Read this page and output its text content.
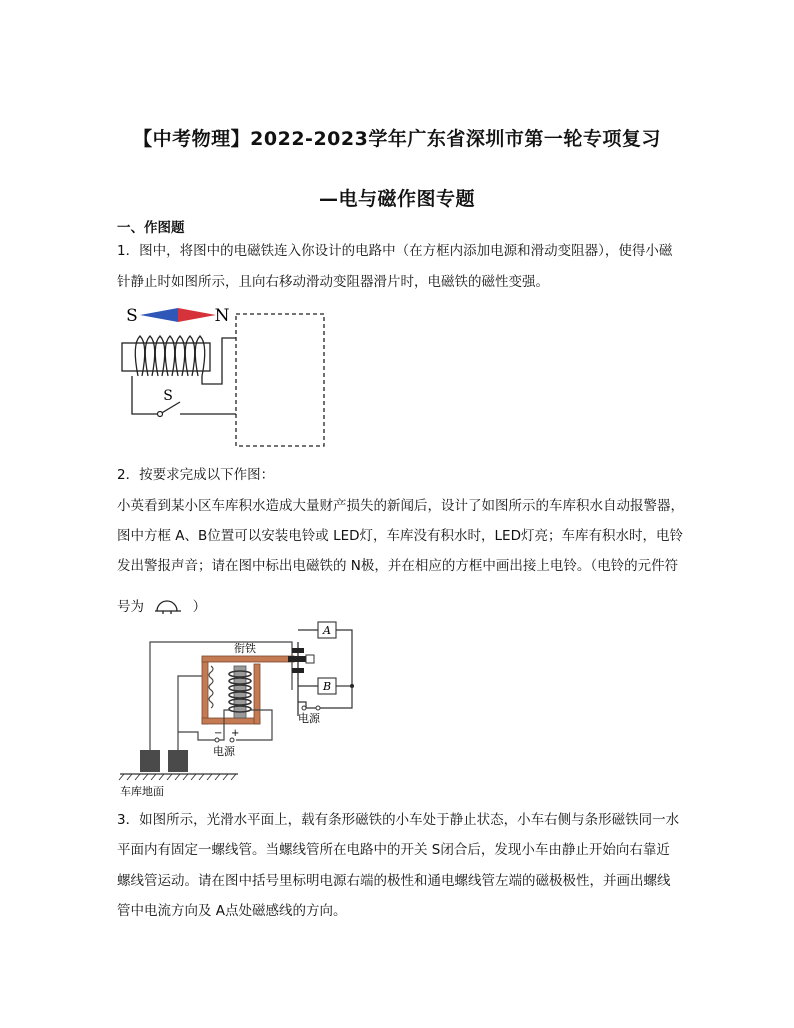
【中考物理】2022-2023学年广东省深圳市第一轮专项复习
—电与磁作图专题
一、作图题
1．图中，将图中的电磁铁连入你设计的电路中（在方框内添加电源和滑动变阻器），使得小磁
针静止时如图所示，且向右移动滑动变阻器滑片时，电磁铁的磁性变强。
S	N
S
2．按要求完成以下作图：
小英看到某小区车库积水造成大量财产损失的新闻后，设计了如图所示的车库积水自动报警器，
图中方框 A、B位置可以安装电铃或 LED灯，车库没有积水时，LED灯亮；车库有积水时，电铃
发出警报声音；请在图中标出电磁铁的 N极，并在相应的方框中画出接上电铃。（电铃的元件符
号为	）
车库地面
衔铁
− +
电源
A
B
电源
3．如图所示，光滑水平面上，载有条形磁铁的小车处于静止状态，小车右侧与条形磁铁同一水
平面内有固定一螺线管。当螺线管所在电路中的开关 S闭合后，发现小车由静止开始向右靠近
螺线管运动。请在图中括号里标明电源右端的极性和通电螺线管左端的磁极极性，并画出螺线
管中电流方向及 A点处磁感线的方向。
